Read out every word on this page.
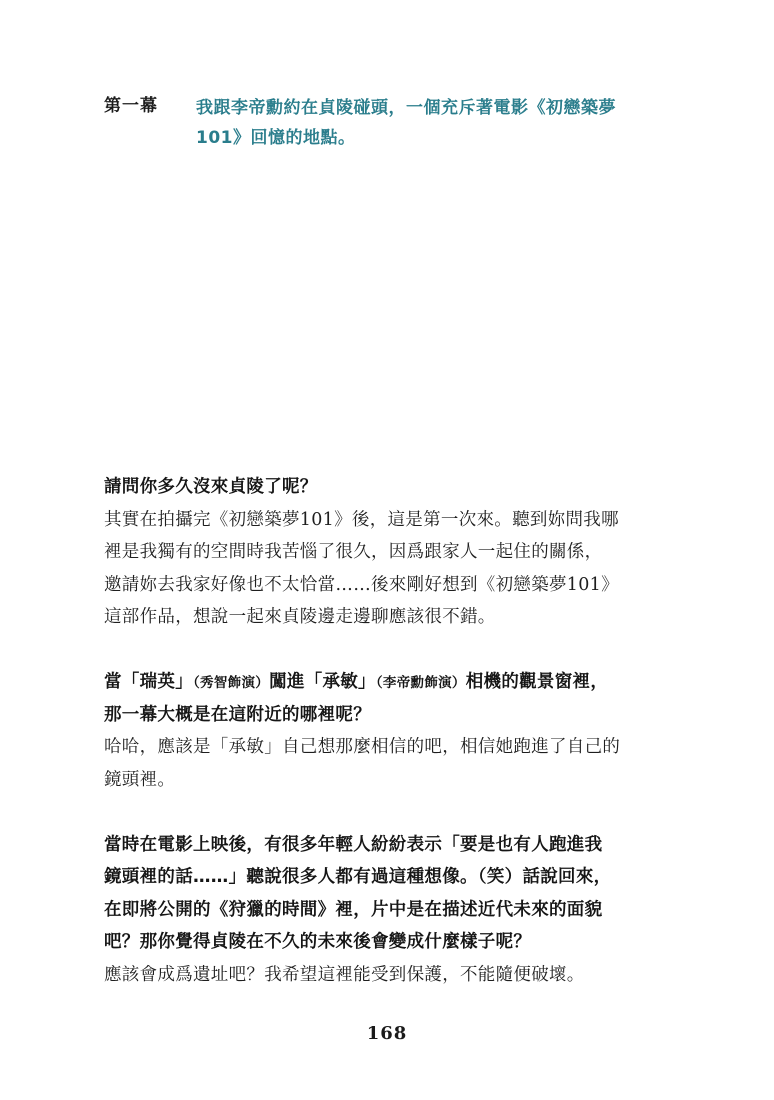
第一幕 我跟李帝勳約在貞陵碰頭，一個充斥著電影《初戀築夢
101》回憶的地點。
請問你多久沒來貞陵了呢？
其實在拍攝完《初戀築夢101》後，這是第一次來。聽到妳問我哪
裡是我獨有的空間時我苦惱了很久，因爲跟家人一起住的關係，
邀請妳去我家好像也不太恰當……後來剛好想到《初戀築夢101》
這部作品，想說一起來貞陵邊走邊聊應該很不錯。
當「瑞英」（秀智飾演）闖進「承敏」（李帝勳飾演）相機的觀景窗裡，
那一幕大概是在這附近的哪裡呢？
哈哈，應該是「承敏」自己想那麼相信的吧，相信她跑進了自己的
鏡頭裡。
當時在電影上映後，有很多年輕人紛紛表示「要是也有人跑進我
鏡頭裡的話……」聽說很多人都有過這種想像。（笑）話說回來，
在即將公開的《狩獵的時間》裡，片中是在描述近代未來的面貌
吧？那你覺得貞陵在不久的未來後會變成什麼樣子呢？
應該會成爲遺址吧？我希望這裡能受到保護，不能隨便破壞。
168
